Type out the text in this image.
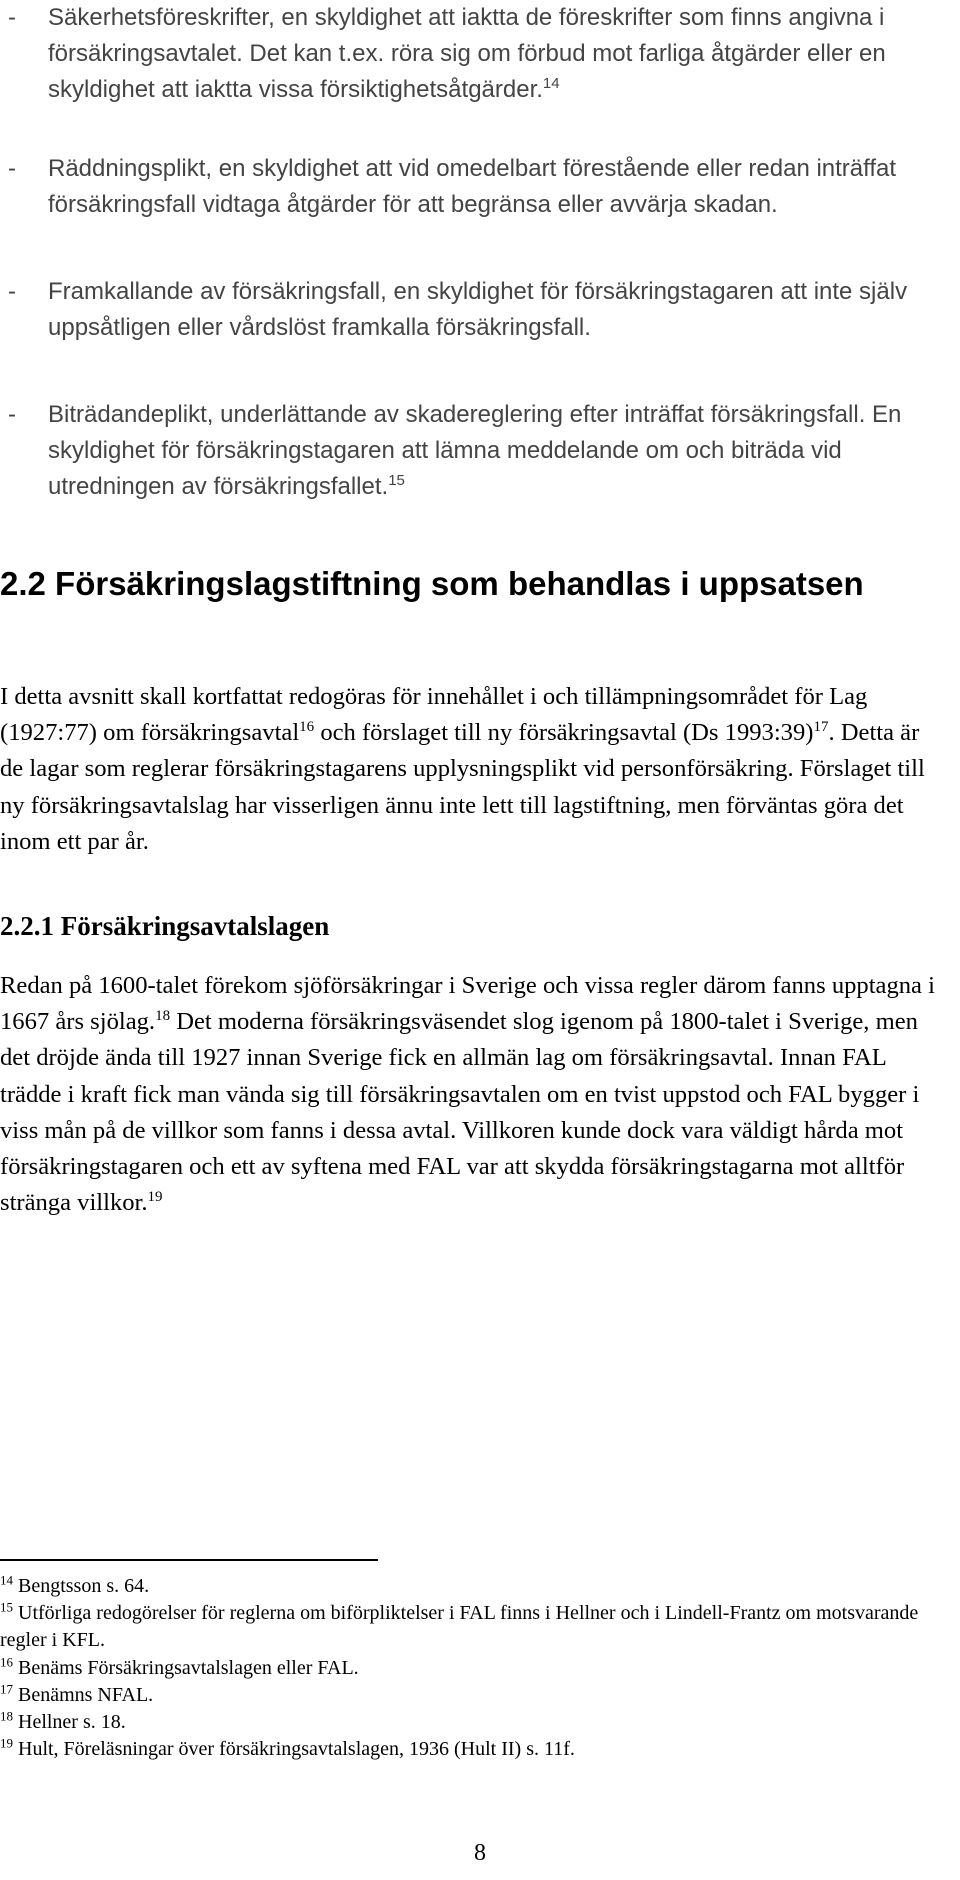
- Säkerhetsföreskrifter, en skyldighet att iaktta de föreskrifter som finns angivna i försäkringsavtalet. Det kan t.ex. röra sig om förbud mot farliga åtgärder eller en skyldighet att iaktta vissa försiktighetsåtgärder.$^{14}$
- Räddningsplikt, en skyldighet att vid omedelbart förestående eller redan inträffat försäkringsfall vidtaga åtgärder för att begränsa eller avvärja skadan.
- Framkallande av försäkringsfall, en skyldighet för försäkringstagaren att inte själv uppsåtligen eller vårdslöst framkalla försäkringsfall.
- Biträdandeplikt, underlättande av skadereglering efter inträffat försäkringsfall. En skyldighet för försäkringstagaren att lämna meddelande om och biträda vid utredningen av försäkringsfallet.$^{15}$
2.2 Försäkringslagstiftning som behandlas i uppsatsen
I detta avsnitt skall kortfattat redogöras för innehållet i och tillämpningsområdet för Lag (1927:77) om försäkringsavtal$^{16}$ och förslaget till ny försäkringsavtal (Ds 1993:39)$^{17}$. Detta är de lagar som reglerar försäkringstagarens upplysningsplikt vid personförsäkring. Förslaget till ny försäkringsavtalslag har visserligen ännu inte lett till lagstiftning, men förväntas göra det inom ett par år.
2.2.1 Försäkringsavtalslagen
Redan på 1600-talet förekom sjöförsäkringar i Sverige och vissa regler därom fanns upptagna i 1667 års sjölag.$^{18}$ Det moderna försäkringsväsendet slog igenom på 1800-talet i Sverige, men det dröjde ända till 1927 innan Sverige fick en allmän lag om försäkringsavtal. Innan FAL trädde i kraft fick man vända sig till försäkringsavtalen om en tvist uppstod och FAL bygger i viss mån på de villkor som fanns i dessa avtal. Villkoren kunde dock vara väldigt hårda mot försäkringstagaren och ett av syftena med FAL var att skydda försäkringstagarna mot alltför stränga villkor.$^{19}$
$^{14}$ Bengtsson s. 64.
$^{15}$ Utförliga redogörelser för reglerna om biförpliktelser i FAL finns i Hellner och i Lindell-Frantz om motsvarande regler i KFL.
$^{16}$ Benäms Försäkringsavtalslagen eller FAL.
$^{17}$ Benämns NFAL.
$^{18}$ Hellner s. 18.
$^{19}$ Hult, Föreläsningar över försäkringsavtalslagen, 1936 (Hult II) s. 11f.
8
